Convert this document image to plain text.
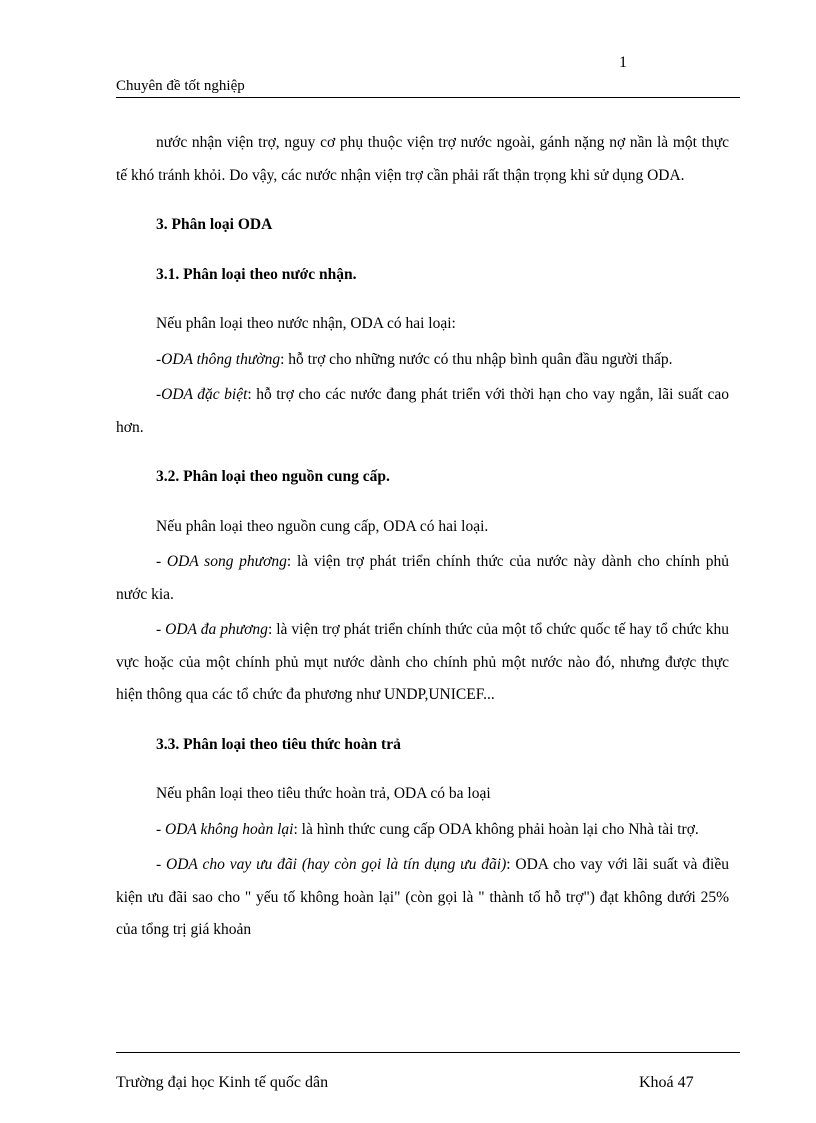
1
Chuyên đề tốt nghiệp

nước nhận viện trợ, nguy cơ phụ thuộc viện trợ nước ngoài, gánh nặng nợ nần là một thực tế khó tránh khỏi. Do vậy, các nước nhận viện trợ cần phải rất thận trọng khi sử dụng ODA.

3. Phân loại ODA

3.1. Phân loại theo nước nhận.

Nếu phân loại theo nước nhận, ODA có hai loại:

-ODA thông thường: hỗ trợ cho những nước có thu nhập bình quân đầu người thấp.

-ODA đặc biệt: hỗ trợ cho các nước đang phát triển với thời hạn cho vay ngắn, lãi suất cao hơn.

3.2. Phân loại theo nguồn cung cấp.

Nếu phân loại theo nguồn cung cấp, ODA có hai loại.

- ODA song phương: là viện trợ phát triển chính thức của nước này dành cho chính phủ nước kia.

- ODA đa phương: là viện trợ phát triển chính thức của một tổ chức quốc tế hay tổ chức khu vực hoặc của một chính phủ mụt nước dành cho chính phủ một nước nào đó, nhưng được thực hiện thông qua các tổ chức đa phương như UNDP,UNICEF...

3.3. Phân loại theo tiêu thức hoàn trả

Nếu phân loại theo tiêu thức hoàn trả, ODA có ba loại

- ODA không hoàn lại: là hình thức cung cấp ODA không phải hoàn lại cho Nhà tài trợ.

- ODA cho vay ưu đãi (hay còn gọi là tín dụng ưu đãi): ODA cho vay với lãi suất và điều kiện ưu đãi sao cho " yếu tố không hoàn lại" (còn gọi là " thành tố hỗ trợ") đạt không dưới 25% của tổng trị giá khoản

Trường đại học Kinh tế quốc dân	Khoá 47
